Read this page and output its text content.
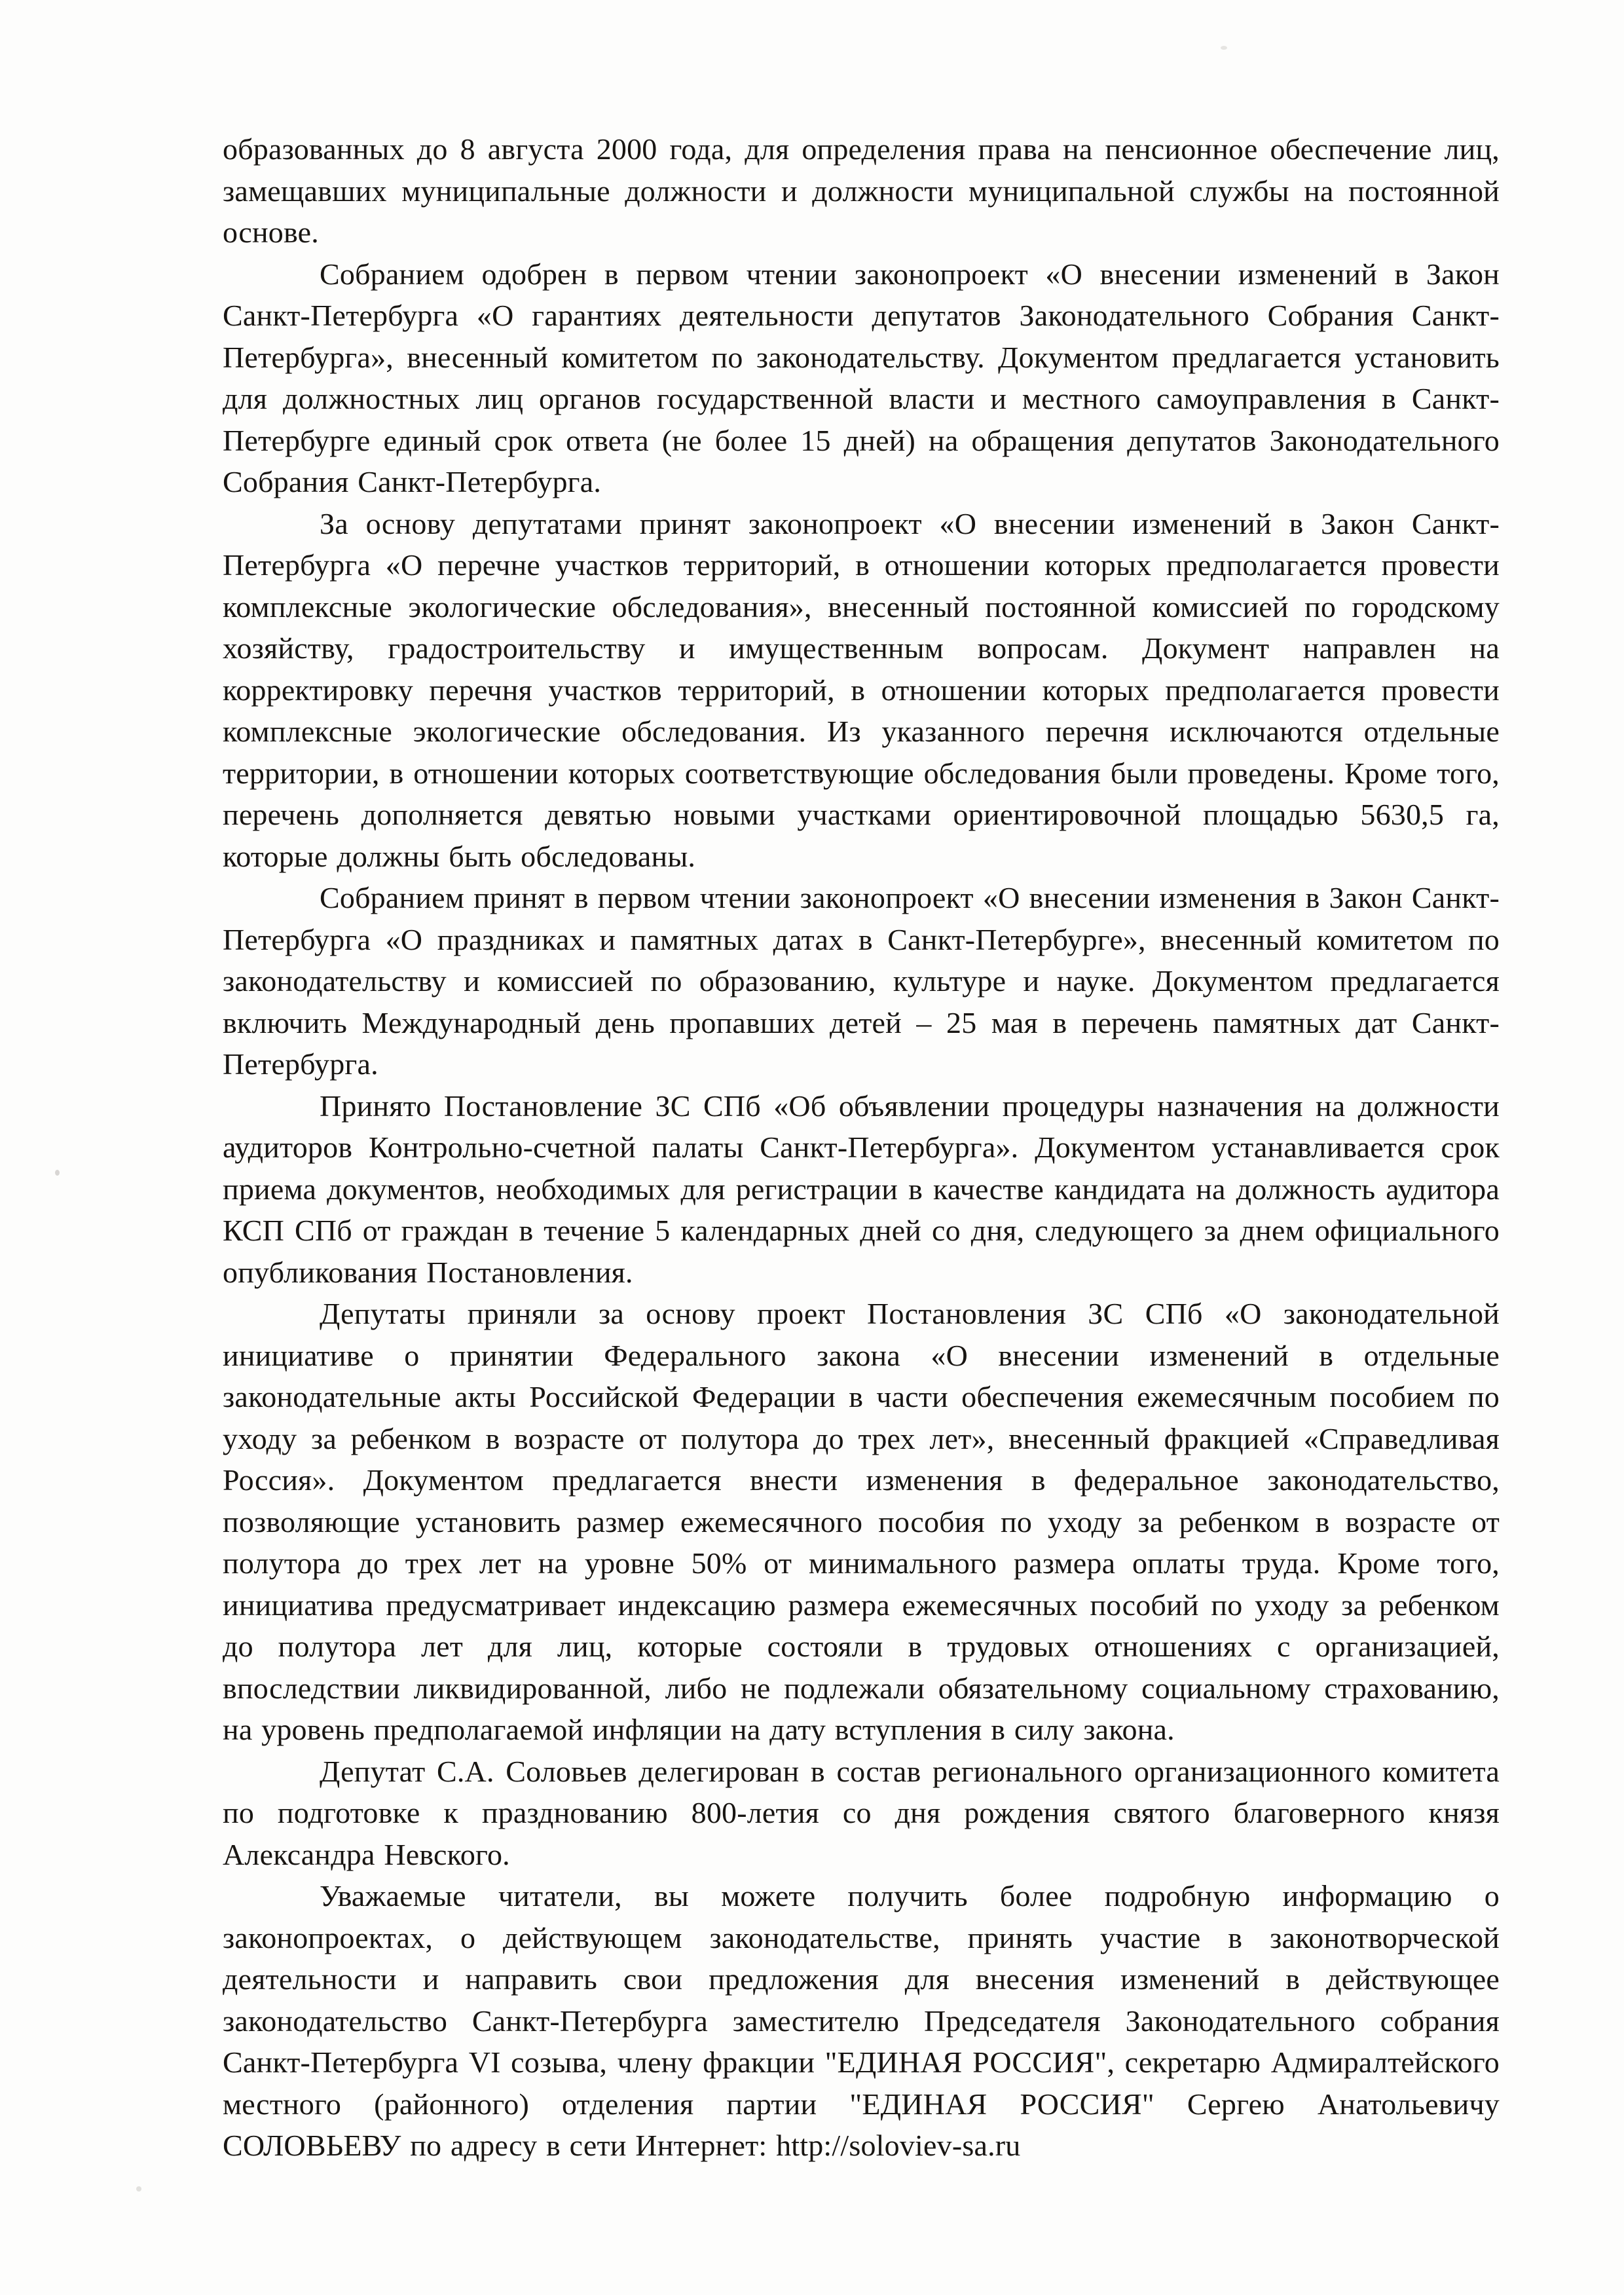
образованных до 8 августа 2000 года, для определения права на пенсионное обеспечение лиц, замещавших муниципальные должности и должности муниципальной службы на постоянной основе.

Собранием одобрен в первом чтении законопроект «О внесении изменений в Закон Санкт-Петербурга «О гарантиях деятельности депутатов Законодательного Собрания Санкт-Петербурга», внесенный комитетом по законодательству. Документом предлагается установить для должностных лиц органов государственной власти и местного самоуправления в Санкт-Петербурге единый срок ответа (не более 15 дней) на обращения депутатов Законодательного Собрания Санкт-Петербурга.

За основу депутатами принят законопроект «О внесении изменений в Закон Санкт-Петербурга «О перечне участков территорий, в отношении которых предполагается провести комплексные экологические обследования», внесенный постоянной комиссией по городскому хозяйству, градостроительству и имущественным вопросам. Документ направлен на корректировку перечня участков территорий, в отношении которых предполагается провести комплексные экологические обследования. Из указанного перечня исключаются отдельные территории, в отношении которых соответствующие обследования были проведены. Кроме того, перечень дополняется девятью новыми участками ориентировочной площадью 5630,5 га, которые должны быть обследованы.

Собранием принят в первом чтении законопроект «О внесении изменения в Закон Санкт-Петербурга «О праздниках и памятных датах в Санкт-Петербурге», внесенный комитетом по законодательству и комиссией по образованию, культуре и науке. Документом предлагается включить Международный день пропавших детей – 25 мая в перечень памятных дат Санкт-Петербурга.

Принято Постановление ЗС СПб «Об объявлении процедуры назначения на должности аудиторов Контрольно-счетной палаты Санкт-Петербурга». Документом устанавливается срок приема документов, необходимых для регистрации в качестве кандидата на должность аудитора КСП СПб от граждан в течение 5 календарных дней со дня, следующего за днем официального опубликования Постановления.

Депутаты приняли за основу проект Постановления ЗС СПб «О законодательной инициативе о принятии Федерального закона «О внесении изменений в отдельные законодательные акты Российской Федерации в части обеспечения ежемесячным пособием по уходу за ребенком в возрасте от полутора до трех лет», внесенный фракцией «Справедливая Россия». Документом предлагается внести изменения в федеральное законодательство, позволяющие установить размер ежемесячного пособия по уходу за ребенком в возрасте от полутора до трех лет на уровне 50% от минимального размера оплаты труда. Кроме того, инициатива предусматривает индексацию размера ежемесячных пособий по уходу за ребенком до полутора лет для лиц, которые состояли в трудовых отношениях с организацией, впоследствии ликвидированной, либо не подлежали обязательному социальному страхованию, на уровень предполагаемой инфляции на дату вступления в силу закона.

Депутат С.А. Соловьев делегирован в состав регионального организационного комитета по подготовке к празднованию 800-летия со дня рождения святого благоверного князя Александра Невского.

Уважаемые читатели, вы можете получить более подробную информацию о законопроектах, о действующем законодательстве, принять участие в законотворческой деятельности и направить свои предложения для внесения изменений в действующее законодательство Санкт-Петербурга заместителю Председателя Законодательного собрания Санкт-Петербурга VI созыва, члену фракции "ЕДИНАЯ РОССИЯ", секретарю Адмиралтейского местного (районного) отделения партии "ЕДИНАЯ РОССИЯ" Сергею Анатольевичу СОЛОВЬЕВУ по адресу в сети Интернет: http://soloviev-sa.ru
